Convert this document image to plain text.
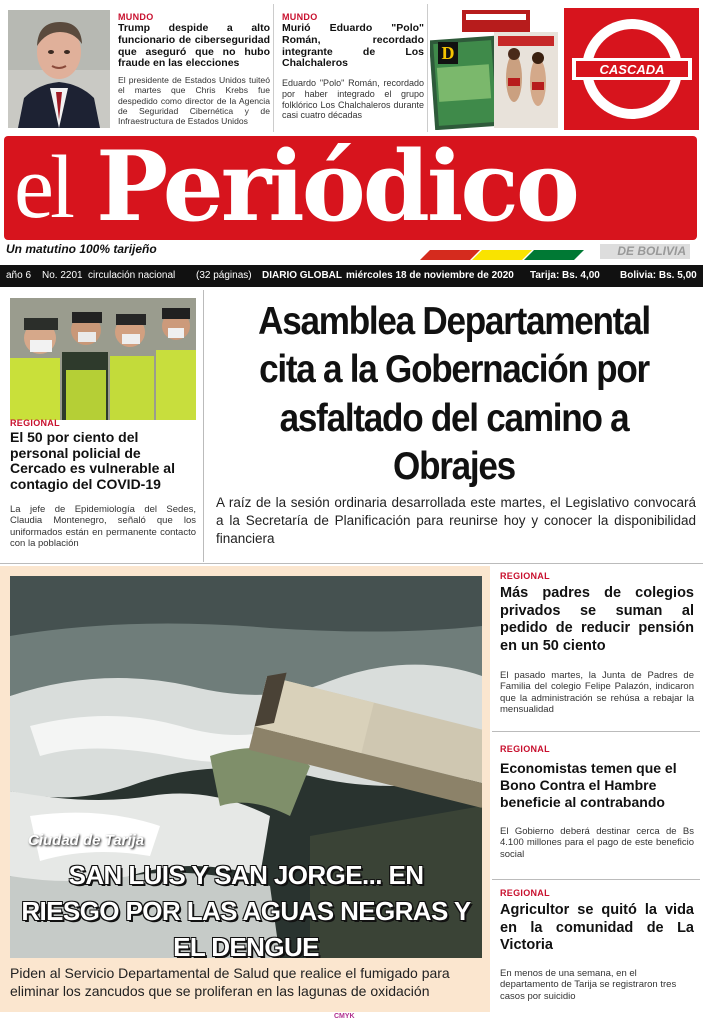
MUNDO
Trump despide a alto funcionario de ciberseguridad que aseguró que no hubo fraude en las elecciones
El presidente de Estados Unidos tuiteó el martes que Chris Krebs fue despedido como director de la Agencia de Seguridad Cibernética y de Infraestructura de Estados Unidos
MUNDO
Murió Eduardo "Polo" Román, recordado integrante de Los Chalchaleros
Eduardo "Polo" Román, recordado por haber integrado el grupo folklórico Los Chalchaleros durante casi cuatro décadas
D
CASCADA
el Periódico
Un matutino 100% tarijeño	DE BOLIVIA
año 6 No. 2201 circulación nacional (32 páginas) DIARIO GLOBAL miércoles 18 de noviembre de 2020 Tarija: Bs. 4,00 Bolivia: Bs. 5,00
REGIONAL
El 50 por ciento del personal policial de Cercado es vulnerable al contagio del COVID-19
La jefe de Epidemiología del Sedes, Claudia Montenegro, señaló que los uniformados están en permanente contacto con la población
Asamblea Departamental cita a la Gobernación por asfaltado del camino a Obrajes
A raíz de la sesión ordinaria desarrollada este martes, el Legislativo convocará a la Secretaría de Planificación para reunirse hoy y conocer la disponibilidad financiera
Ciudad de Tarija
SAN LUIS Y SAN JORGE... EN RIESGO POR LAS AGUAS NEGRAS Y EL DENGUE
Piden al Servicio Departamental de Salud que realice el fumigado para eliminar los zancudos que se proliferan en las lagunas de oxidación
REGIONAL
Más padres de colegios privados se suman al pedido de reducir pensión en un 50 ciento
El pasado martes, la Junta de Padres de Familia del colegio Felipe Palazón, indicaron que la administración se rehúsa a rebajar la mensualidad
REGIONAL
Economistas temen que el Bono Contra el Hambre beneficie al contrabando
El Gobierno deberá destinar cerca de Bs 4.100 millones para el pago de este beneficio social
REGIONAL
Agricultor se quitó la vida en la comunidad de La Victoria
En menos de una semana, en el departamento de Tarija se registraron tres casos por suicidio
CMYK
